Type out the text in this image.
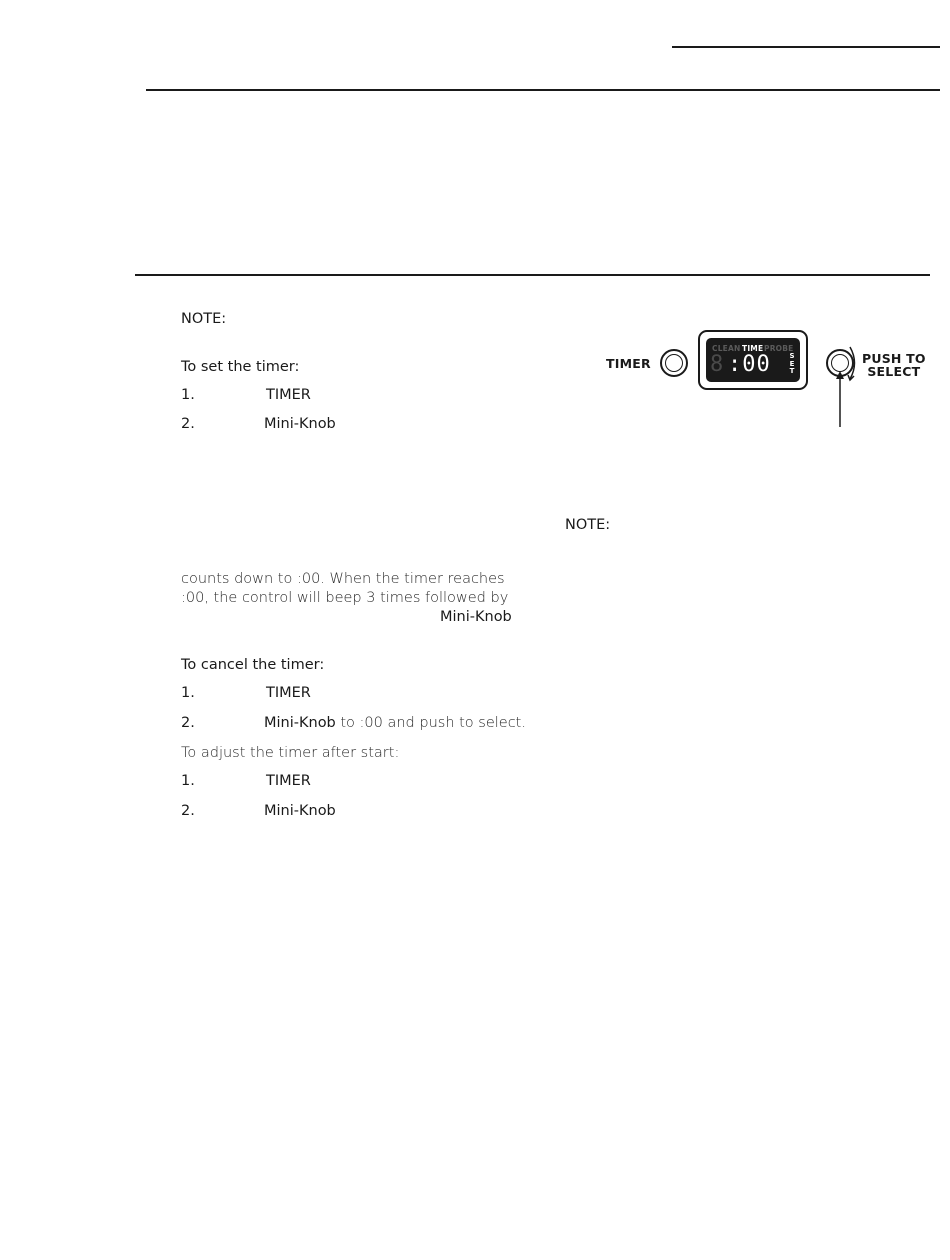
NOTE:
To set the timer:
1.	TIMER
2.	Mini-Knob
NOTE:
counts down to :00. When the timer reaches
:00, the control will beep 3 times followed by
Mini-Knob
To cancel the timer:
1.	TIMER
2.	Mini-Knob to :00 and push to select.
To adjust the timer after start:
1.	TIMER
2.	Mini-Knob
TIMER
CLEAN TIME PROBE
8 :00	SET
PUSH TO
SELECT
